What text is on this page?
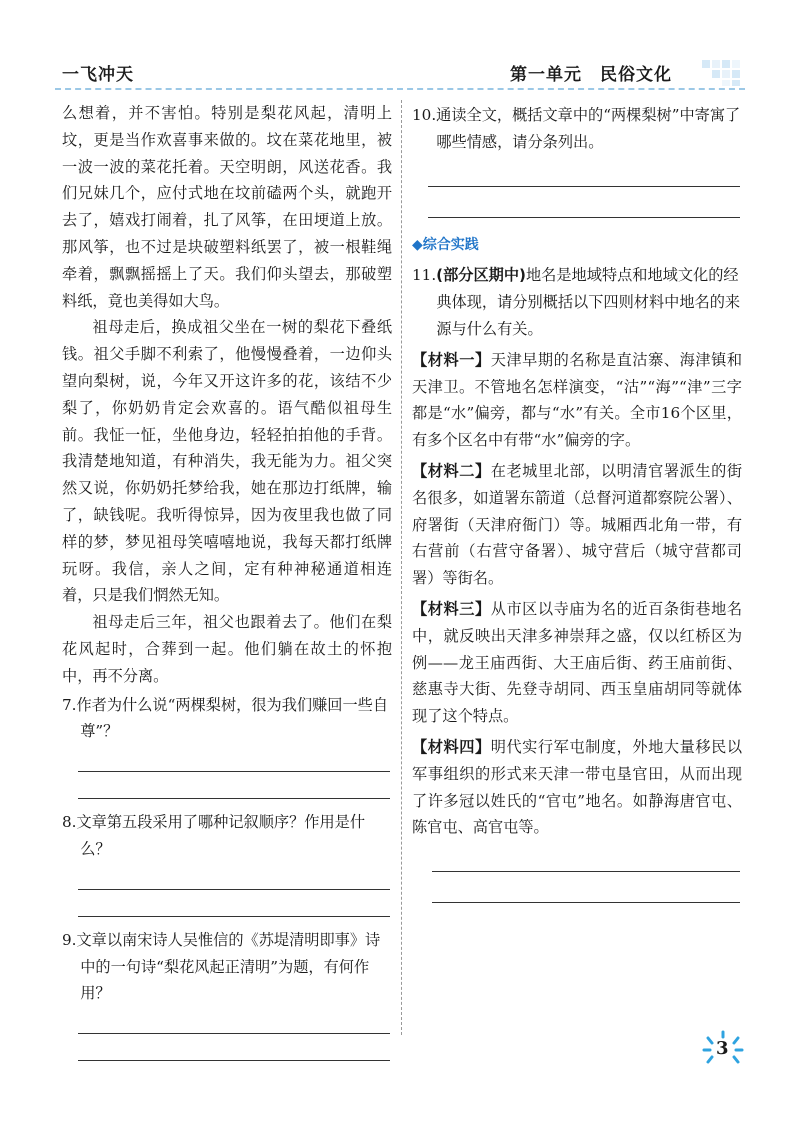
一飞冲天	第一单元　民俗文化

么想着，并不害怕。特别是梨花风起，清明上坟，更是当作欢喜事来做的。坟在菜花地里，被一波一波的菜花托着。天空明朗，风送花香。我们兄妹几个，应付式地在坟前磕两个头，就跑开去了，嬉戏打闹着，扎了风筝，在田埂道上放。那风筝，也不过是块破塑料纸罢了，被一根鞋绳牵着，飘飘摇摇上了天。我们仰头望去，那破塑料纸，竟也美得如大鸟。

祖母走后，换成祖父坐在一树的梨花下叠纸钱。祖父手脚不利索了，他慢慢叠着，一边仰头望向梨树，说，今年又开这许多的花，该结不少梨了，你奶奶肯定会欢喜的。语气酷似祖母生前。我怔一怔，坐他身边，轻轻拍拍他的手背。我清楚地知道，有种消失，我无能为力。祖父突然又说，你奶奶托梦给我，她在那边打纸牌，输了，缺钱呢。我听得惊异，因为夜里我也做了同样的梦，梦见祖母笑嘻嘻地说，我每天都打纸牌玩呀。我信，亲人之间，定有种神秘通道相连着，只是我们惘然无知。

祖母走后三年，祖父也跟着去了。他们在梨花风起时，合葬到一起。他们躺在故土的怀抱中，再不分离。

7.作者为什么说“两棵梨树，很为我们赚回一些自尊”？

8.文章第五段采用了哪种记叙顺序？作用是什么？

9.文章以南宋诗人吴惟信的《苏堤清明即事》诗中的一句诗“梨花风起正清明”为题，有何作用？

10.通读全文，概括文章中的“两棵梨树”中寄寓了哪些情感，请分条列出。

◆综合实践

11.(部分区期中)地名是地域特点和地域文化的经典体现，请分别概括以下四则材料中地名的来源与什么有关。

【材料一】天津早期的名称是直沽寨、海津镇和天津卫。不管地名怎样演变，“沽”“海”“津”三字都是“水”偏旁，都与“水”有关。全市16个区里，有多个区名中有带“水”偏旁的字。

【材料二】在老城里北部，以明清官署派生的街名很多，如道署东箭道（总督河道都察院公署）、府署街（天津府衙门）等。城厢西北角一带，有右营前（右营守备署）、城守营后（城守营都司署）等街名。

【材料三】从市区以寺庙为名的近百条街巷地名中，就反映出天津多神崇拜之盛，仅以红桥区为例——龙王庙西街、大王庙后街、药王庙前街、慈惠寺大街、先登寺胡同、西玉皇庙胡同等就体现了这个特点。

【材料四】明代实行军屯制度，外地大量移民以军事组织的形式来天津一带屯垦官田，从而出现了许多冠以姓氏的“官屯”地名。如静海唐官屯、陈官屯、高官屯等。

3
